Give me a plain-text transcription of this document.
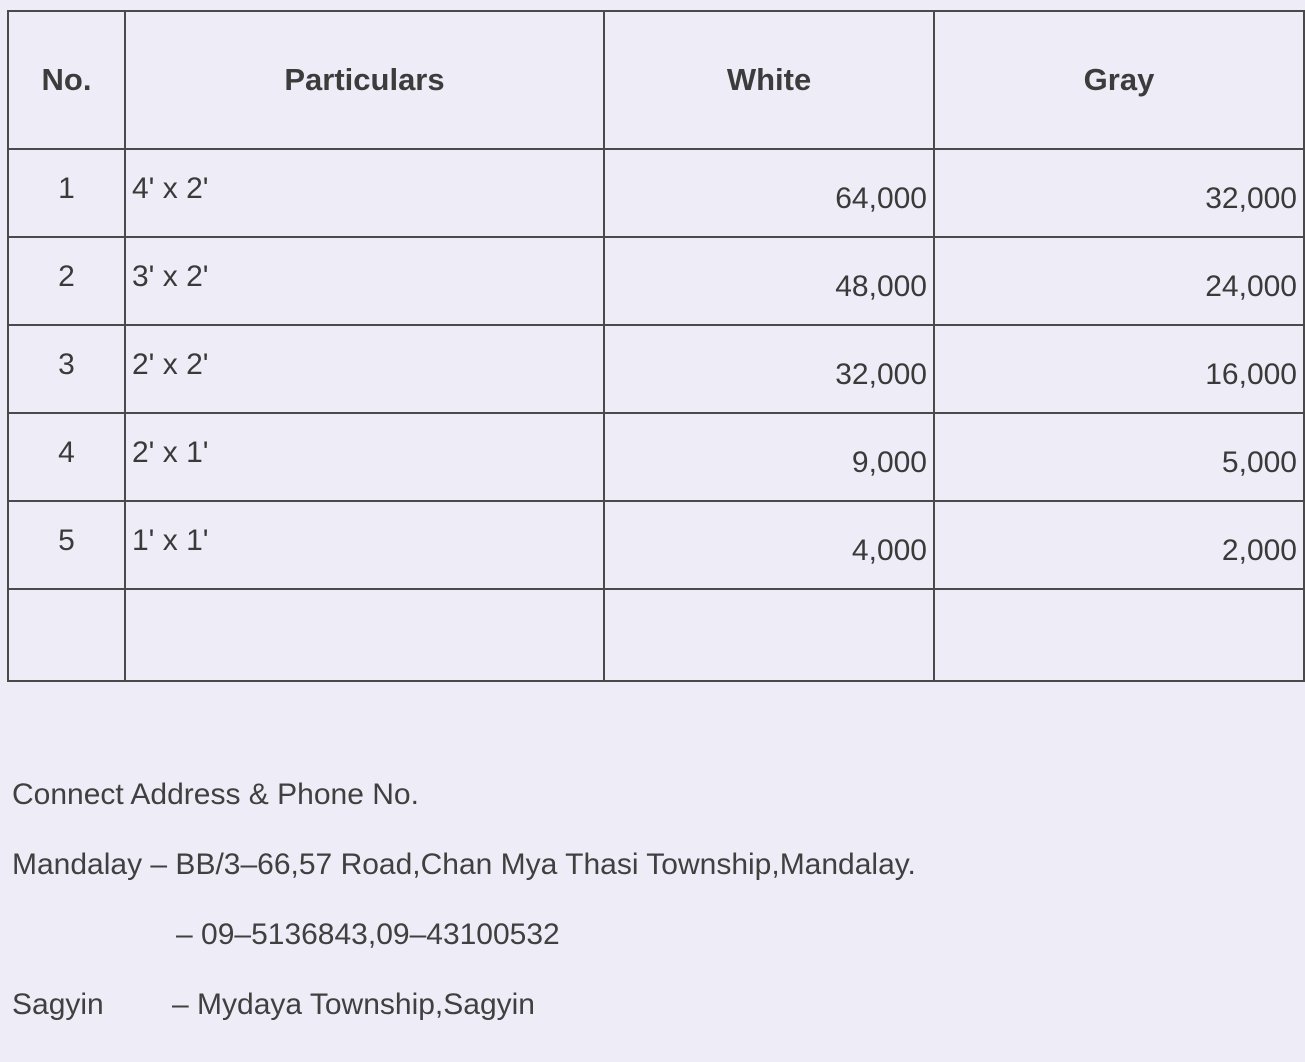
No.	Particulars	White	Gray
1	4' x 2'	64,000	32,000
2	3' x 2'	48,000	24,000
3	2' x 2'	32,000	16,000
4	2' x 1'	9,000	5,000
5	1' x 1'	4,000	2,000

Connect Address & Phone No.
Mandalay – BB/3–66,57 Road,Chan Mya Thasi Township,Mandalay.
– 09–5136843,09–43100532
Sagyin – Mydaya Township,Sagyin
